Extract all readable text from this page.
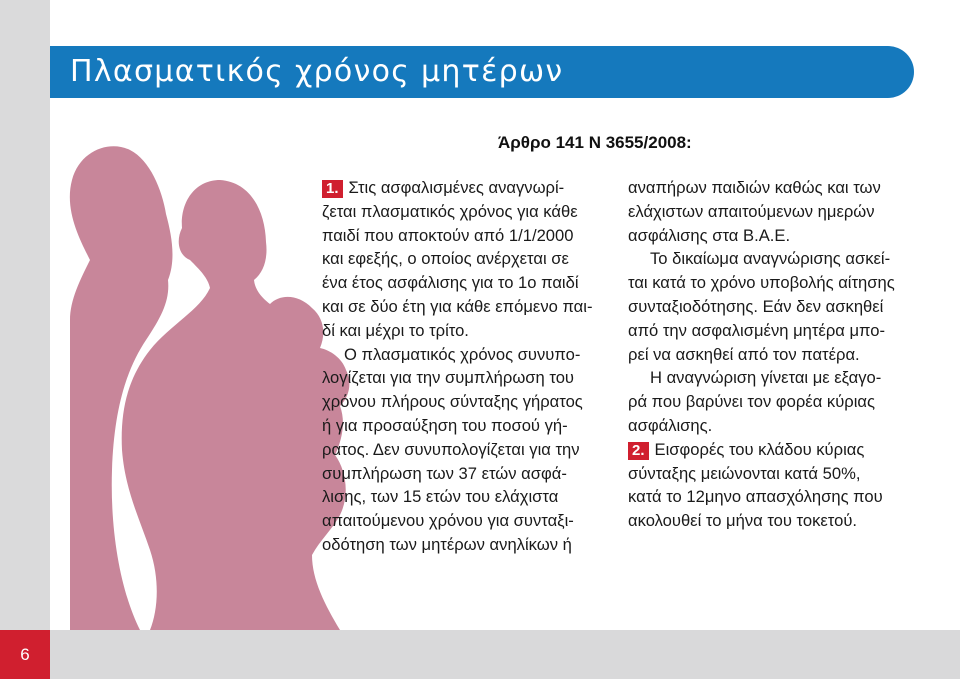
6
Πλασματικός χρόνος μητέρων
Άρθρο 141 Ν 3655/2008:

1. Στις ασφαλισμένες αναγνωρί-
ζεται πλασματικός χρόνος για κάθε
παιδί που αποκτούν από 1/1/2000
και εφεξής, ο οποίος ανέρχεται σε
ένα έτος ασφάλισης για το 1ο παιδί
και σε δύο έτη για κάθε επόμενο παι-
δί και μέχρι το τρίτο.

Ο πλασματικός χρόνος συνυπο-
λογίζεται για την συμπλήρωση του
χρόνου πλήρους σύνταξης γήρατος
ή για προσαύξηση του ποσού γή-
ρατος. Δεν συνυπολογίζεται για την
συμπλήρωση των 37 ετών ασφά-
λισης, των 15 ετών του ελάχιστα
απαιτούμενου χρόνου για συνταξι-
οδότηση των μητέρων ανηλίκων ή

αναπήρων παιδιών καθώς και των
ελάχιστων απαιτούμενων ημερών
ασφάλισης στα Β.Α.Ε.

Το δικαίωμα αναγνώρισης ασκεί-
ται κατά το χρόνο υποβολής αίτησης
συνταξιοδότησης. Εάν δεν ασκηθεί
από την ασφαλισμένη μητέρα μπο-
ρεί να ασκηθεί από τον πατέρα.

Η αναγνώριση γίνεται με εξαγο-
ρά που βαρύνει τον φορέα κύριας
ασφάλισης.

2. Εισφορές του κλάδου κύριας
σύνταξης μειώνονται κατά 50%,
κατά το 12μηνο απασχόλησης που
ακολουθεί το μήνα του τοκετού.
